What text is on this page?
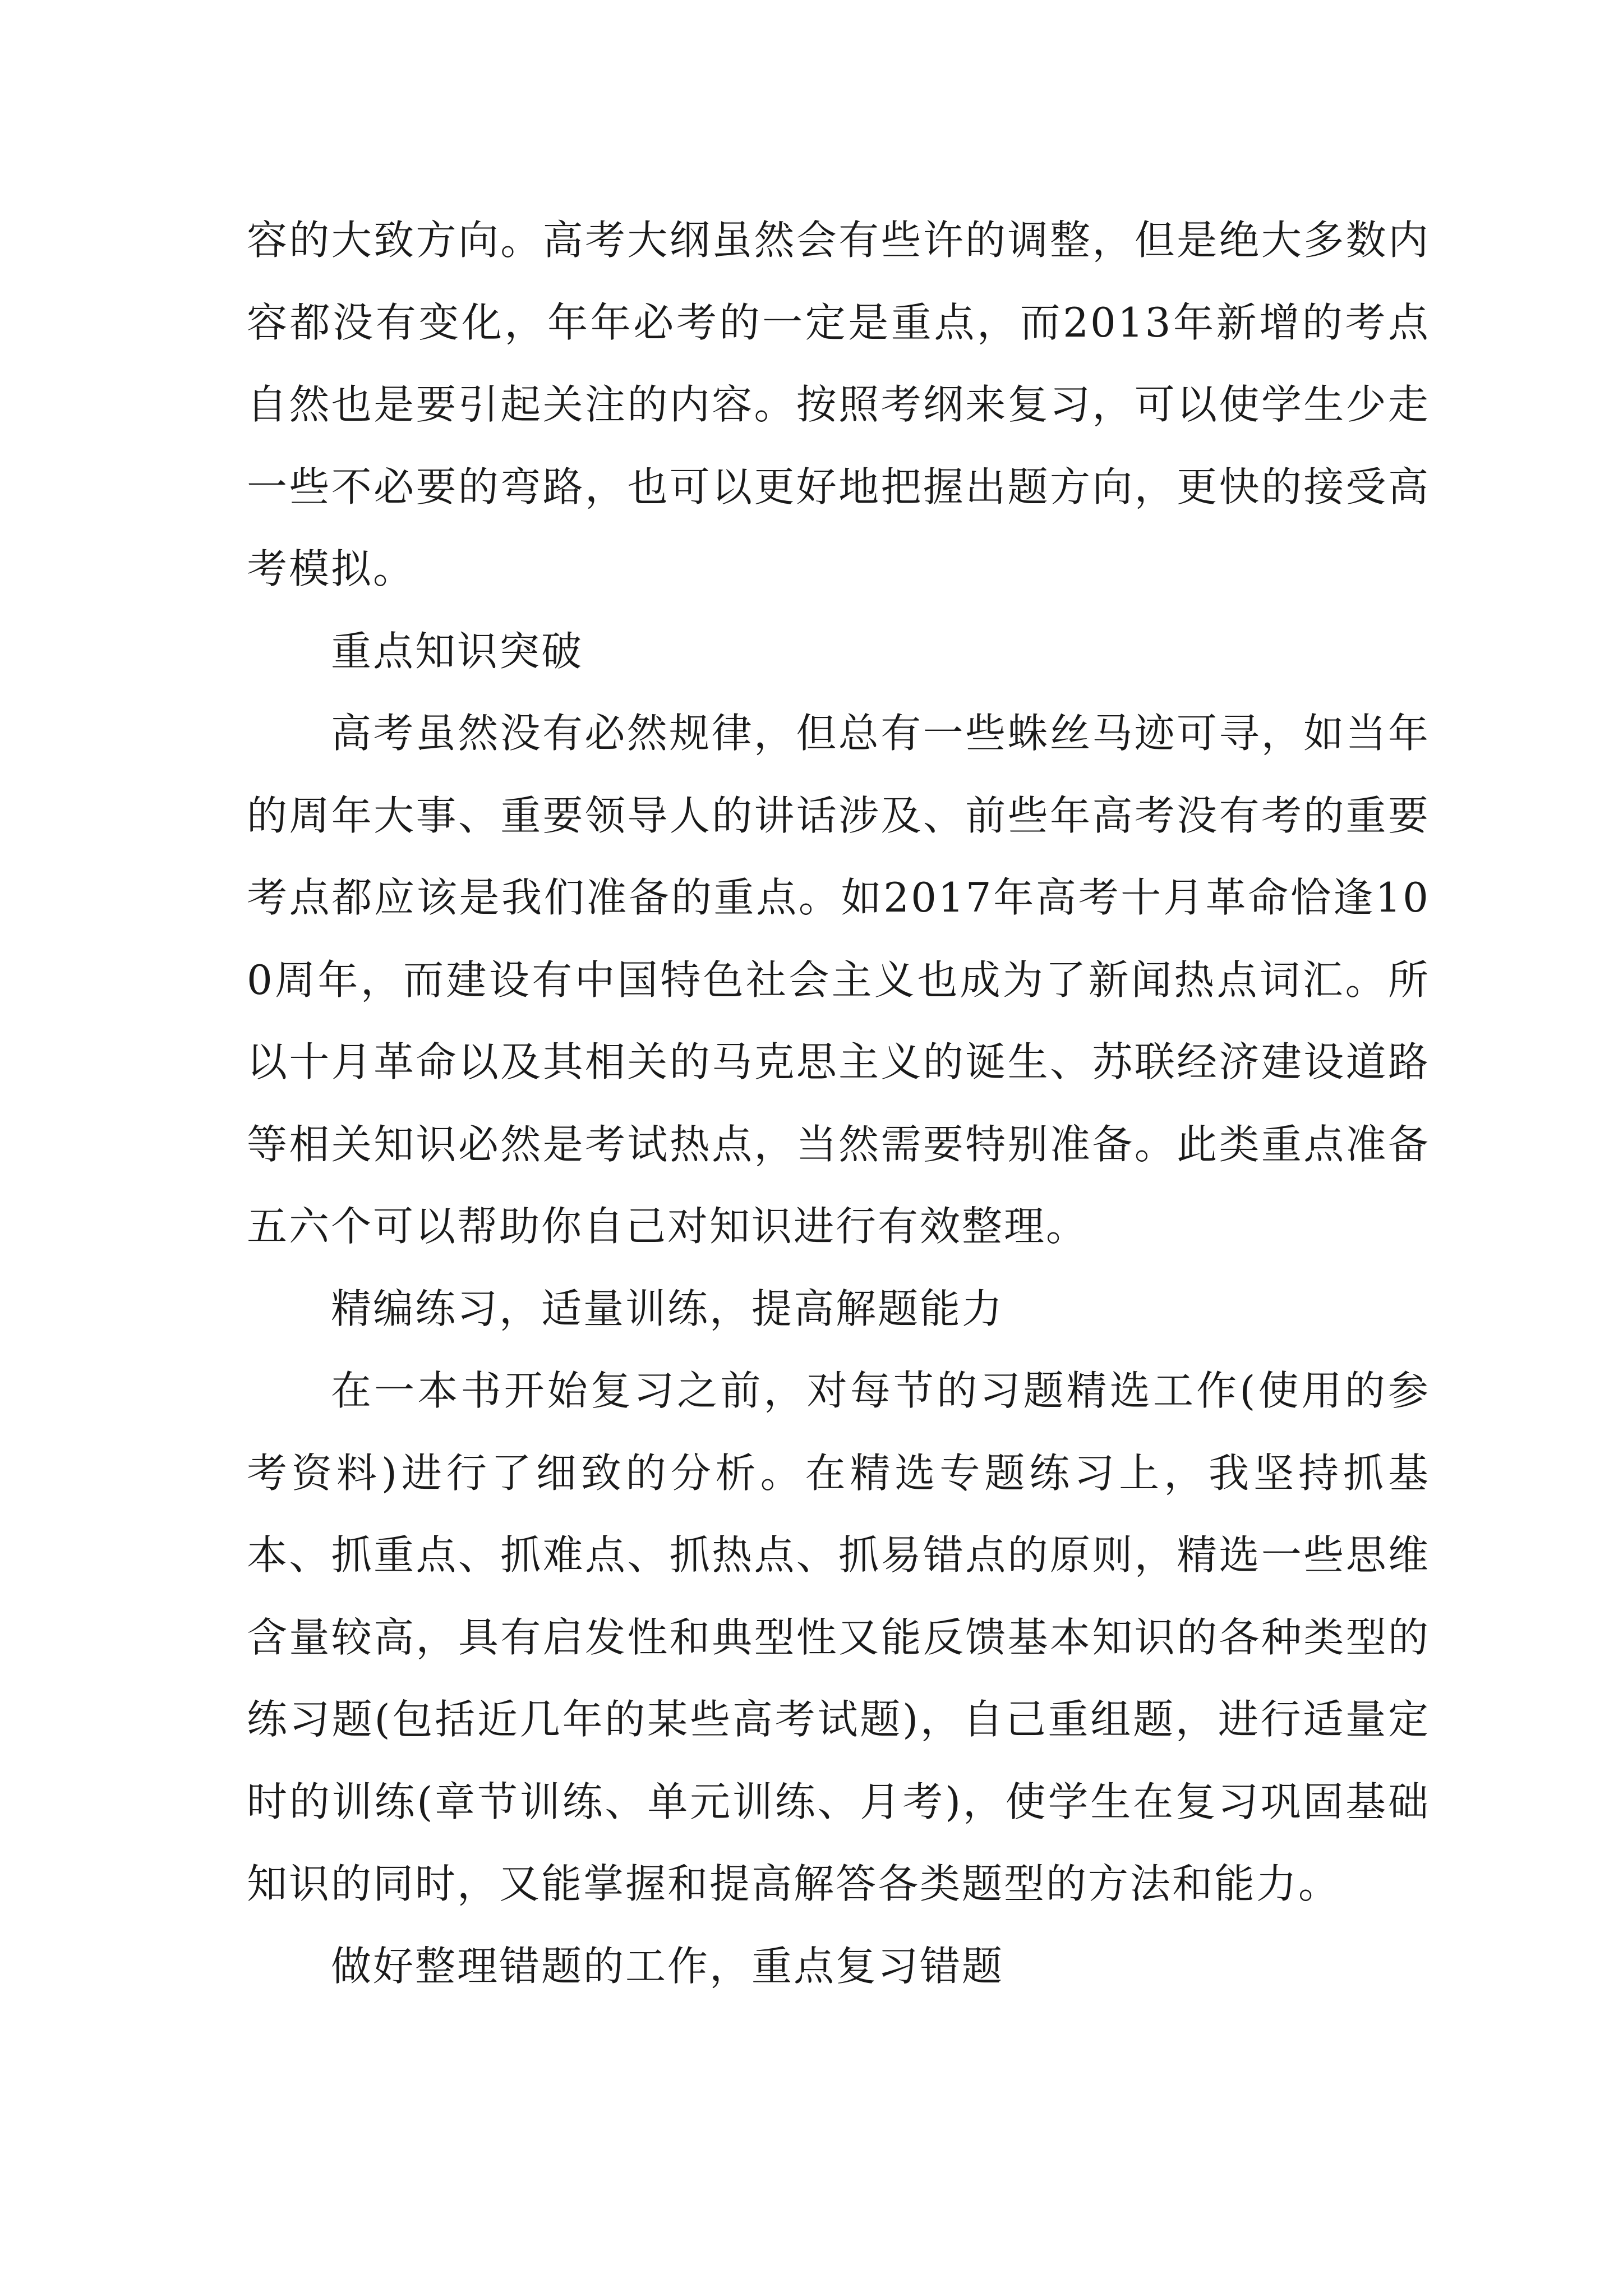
容的大致方向。高考大纲虽然会有些许的调整，但是绝大多数内容都没有变化，年年必考的一定是重点，而2013年新增的考点自然也是要引起关注的内容。按照考纲来复习，可以使学生少走一些不必要的弯路，也可以更好地把握出题方向，更快的接受高考模拟。

重点知识突破

高考虽然没有必然规律，但总有一些蛛丝马迹可寻，如当年的周年大事、重要领导人的讲话涉及、前些年高考没有考的重要考点都应该是我们准备的重点。如2017年高考十月革命恰逢100周年，而建设有中国特色社会主义也成为了新闻热点词汇。所以十月革命以及其相关的马克思主义的诞生、苏联经济建设道路等相关知识必然是考试热点，当然需要特别准备。此类重点准备五六个可以帮助你自己对知识进行有效整理。

精编练习，适量训练，提高解题能力

在一本书开始复习之前，对每节的习题精选工作(使用的参考资料)进行了细致的分析。在精选专题练习上，我坚持抓基本、抓重点、抓难点、抓热点、抓易错点的原则，精选一些思维含量较高，具有启发性和典型性又能反馈基本知识的各种类型的练习题(包括近几年的某些高考试题)，自己重组题，进行适量定时的训练(章节训练、单元训练、月考)，使学生在复习巩固基础知识的同时，又能掌握和提高解答各类题型的方法和能力。

做好整理错题的工作，重点复习错题
